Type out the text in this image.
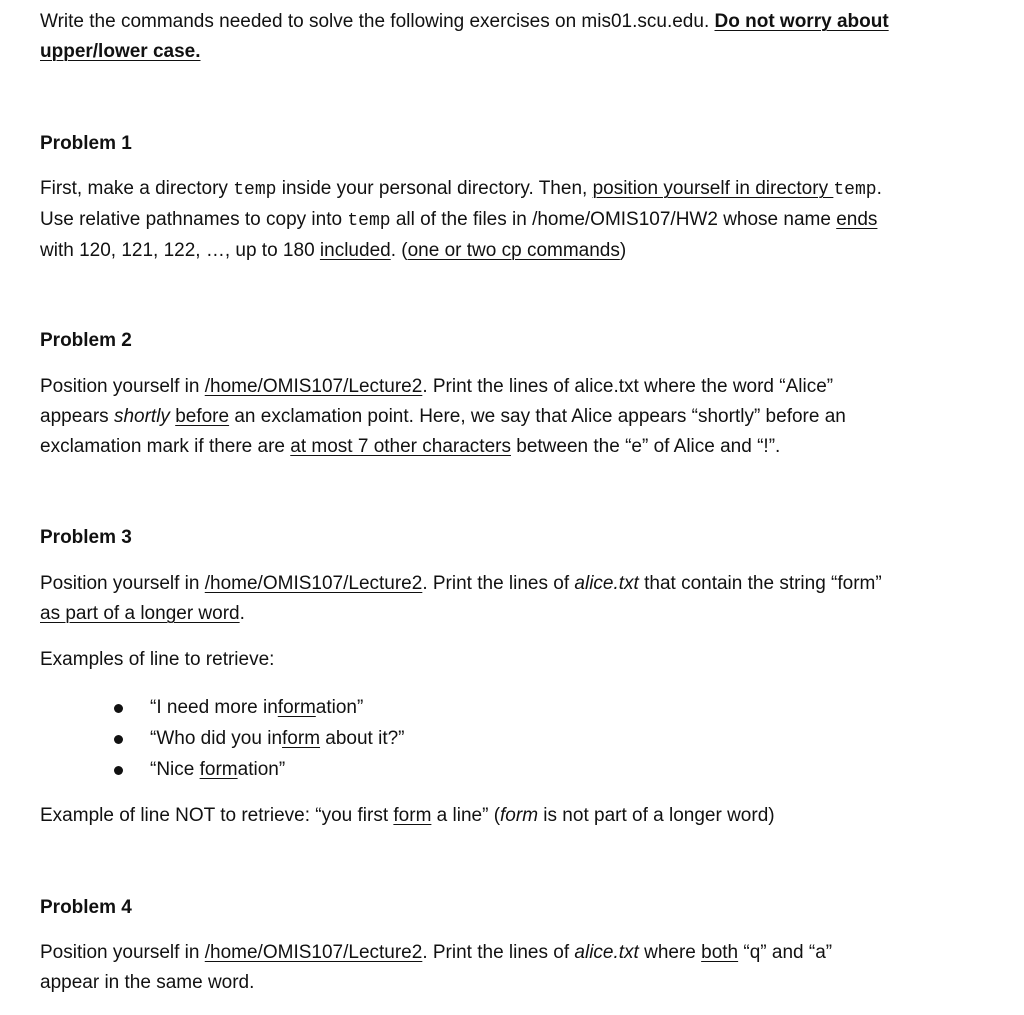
Write the commands needed to solve the following exercises on mis01.scu.edu. Do not worry about
upper/lower case.
Problem 1
First, make a directory temp inside your personal directory. Then, position yourself in directory temp.
Use relative pathnames to copy into temp all of the files in /home/OMIS107/HW2 whose name ends
with 120, 121, 122, …, up to 180 included. (one or two cp commands)
Problem 2
Position yourself in /home/OMIS107/Lecture2. Print the lines of alice.txt where the word “Alice”
appears shortly before an exclamation point. Here, we say that Alice appears “shortly” before an
exclamation mark if there are at most 7 other characters between the “e” of Alice and “!”.
Problem 3
Position yourself in /home/OMIS107/Lecture2. Print the lines of alice.txt that contain the string “form”
as part of a longer word.
Examples of line to retrieve:
“I need more information”
“Who did you inform about it?”
“Nice formation”
Example of line NOT to retrieve: “you first form a line” (form is not part of a longer word)
Problem 4
Position yourself in /home/OMIS107/Lecture2. Print the lines of alice.txt where both “q” and “a”
appear in the same word.
